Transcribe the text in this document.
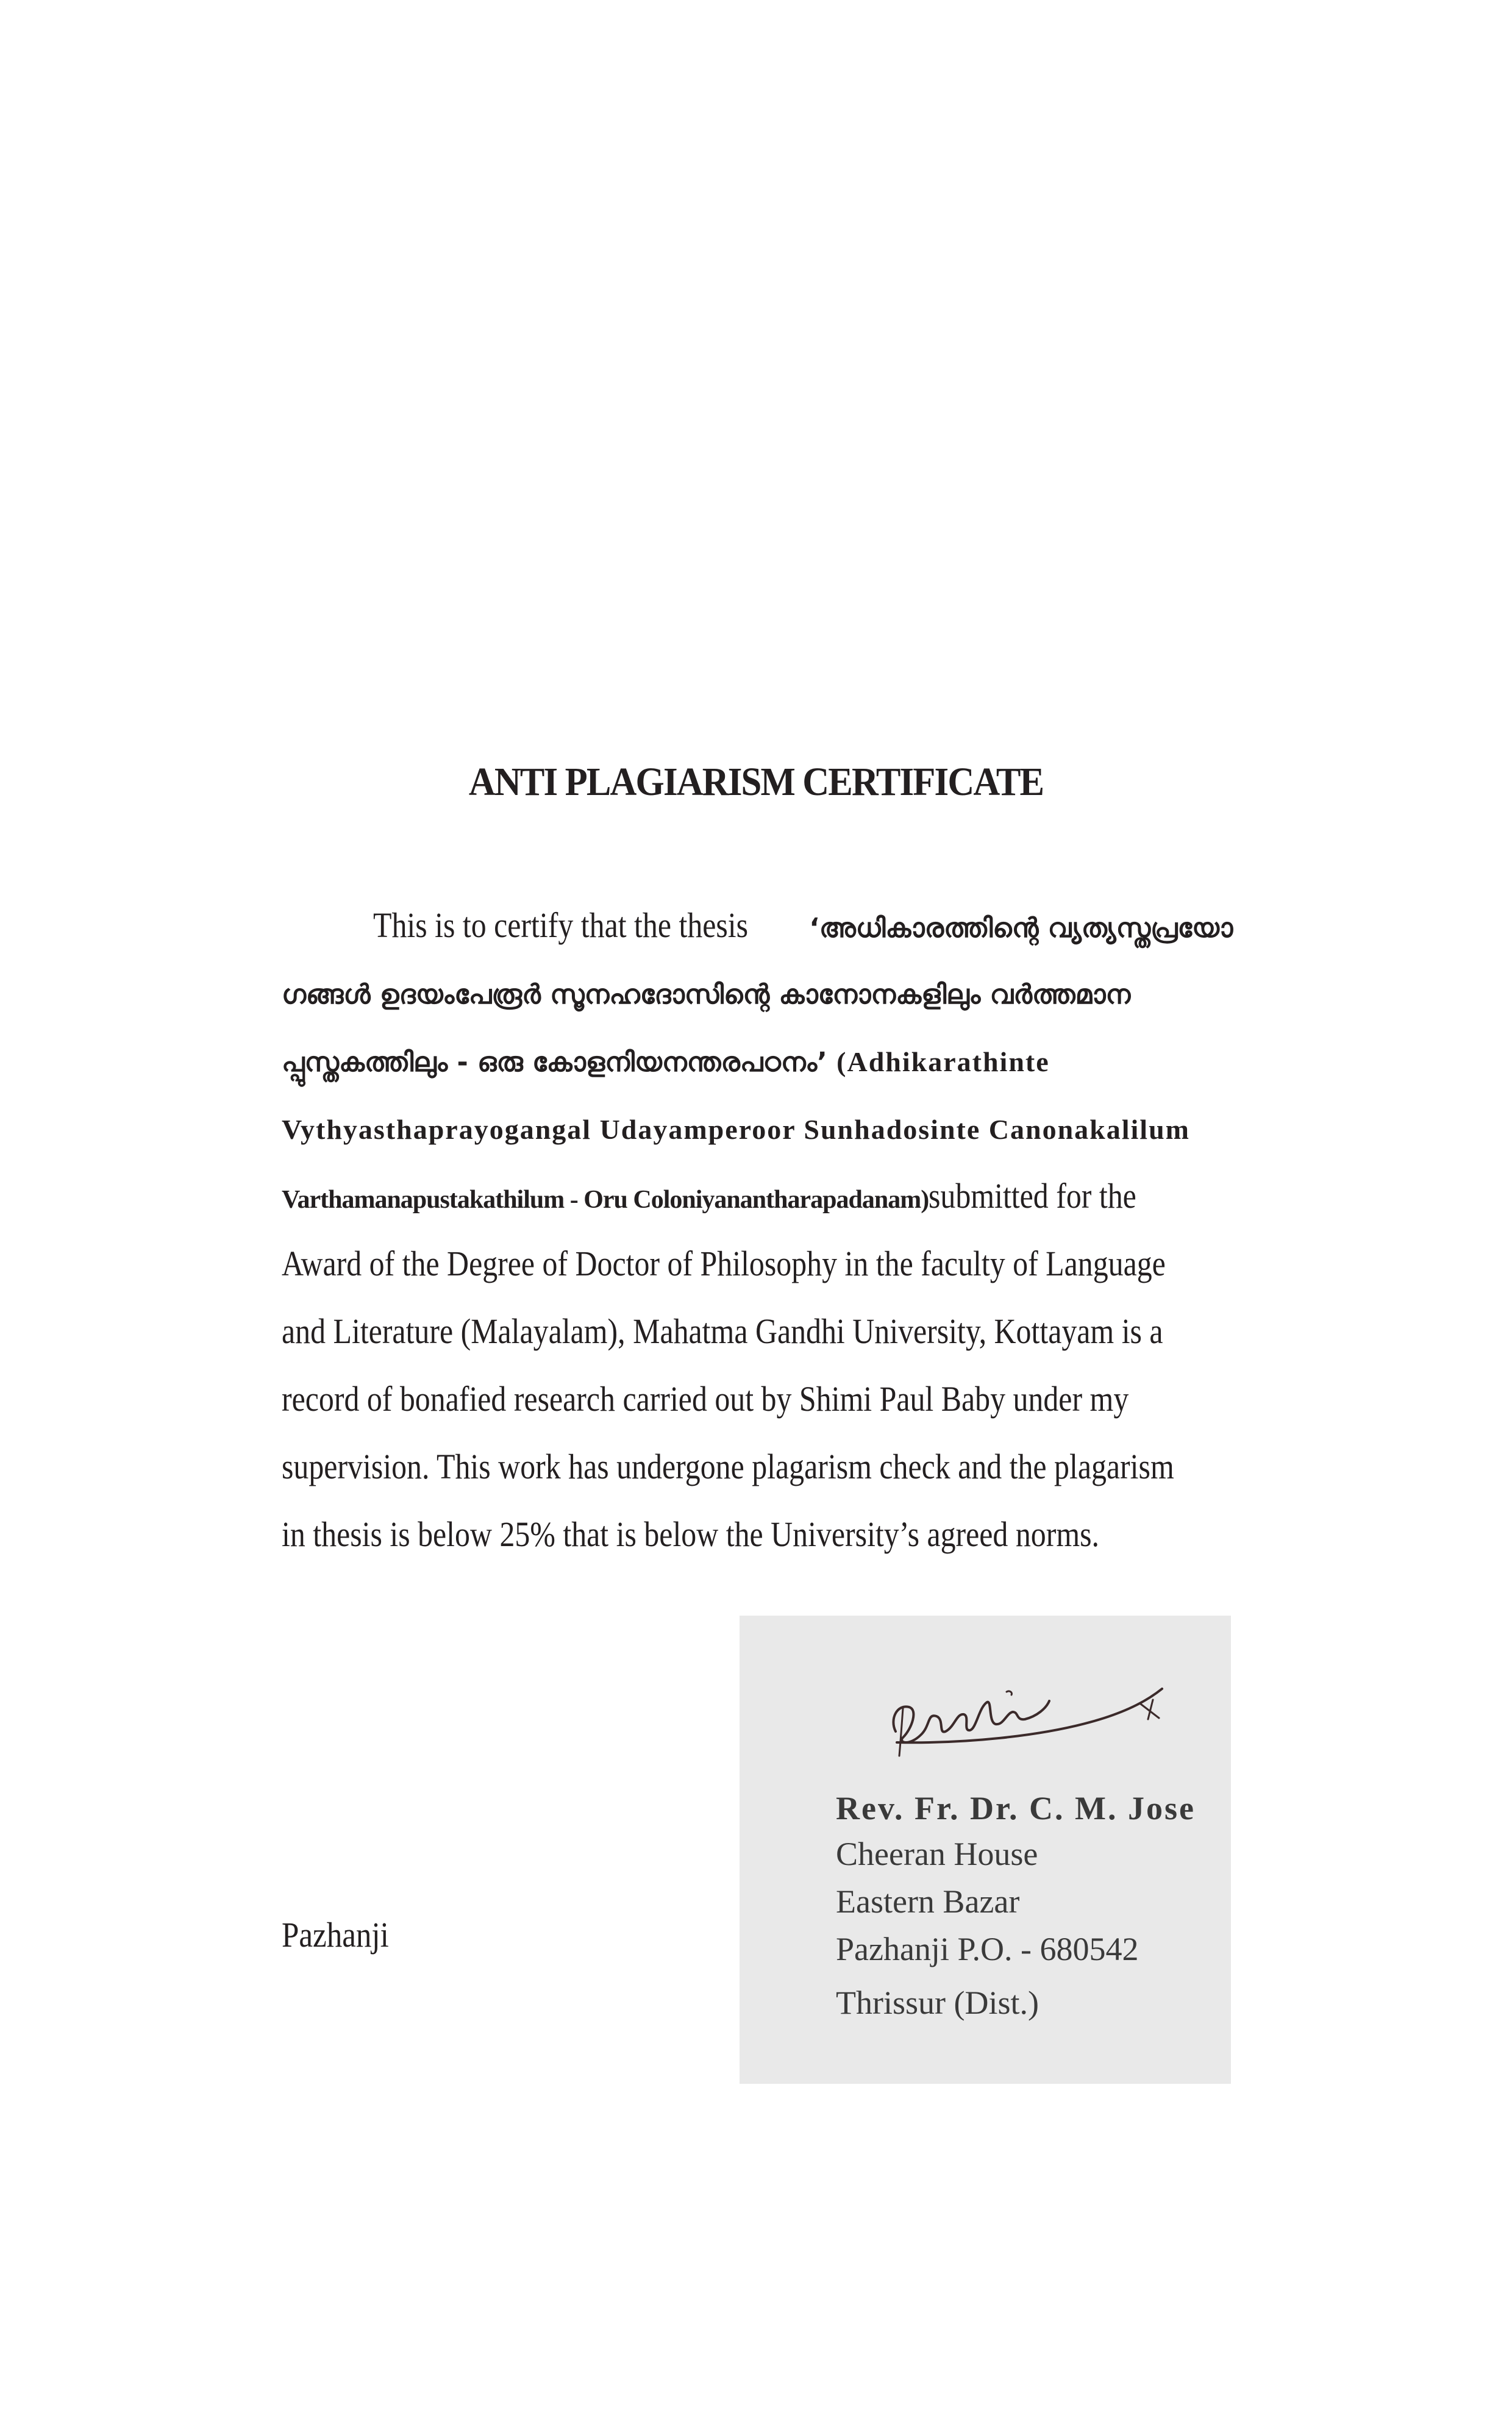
ANTI PLAGIARISM CERTIFICATE
This is to certify that the thesis‘അധികാരത്തിന്റെ വ്യത്യസ്തപ്രയോ
ഗങ്ങൾ ഉദയംപേരൂർ സൂനഹദോസിന്റെ കാനോനകളിലും വർത്തമാന
പ്പുസ്തകത്തിലും - ഒരു കോളനിയനന്തരപഠനം’ (Adhikarathinte
Vythyasthaprayogangal Udayamperoor Sunhadosinte Canonakalilum
Varthamanapustakathilum - Oru Coloniyanantharapadanam)submitted for the
Award of the Degree of Doctor of Philosophy in the faculty of Language
and Literature (Malayalam), Mahatma Gandhi University, Kottayam is a
record of bonafied research carried out by Shimi Paul Baby under my
supervision. This work has undergone plagarism check and the plagarism
in thesis is below 25% that is below the University’s agreed norms.
Rev. Fr. Dr. C. M. Jose
Cheeran House
Eastern Bazar
Pazhanji P.O. - 680542
Thrissur (Dist.)
Pazhanji
